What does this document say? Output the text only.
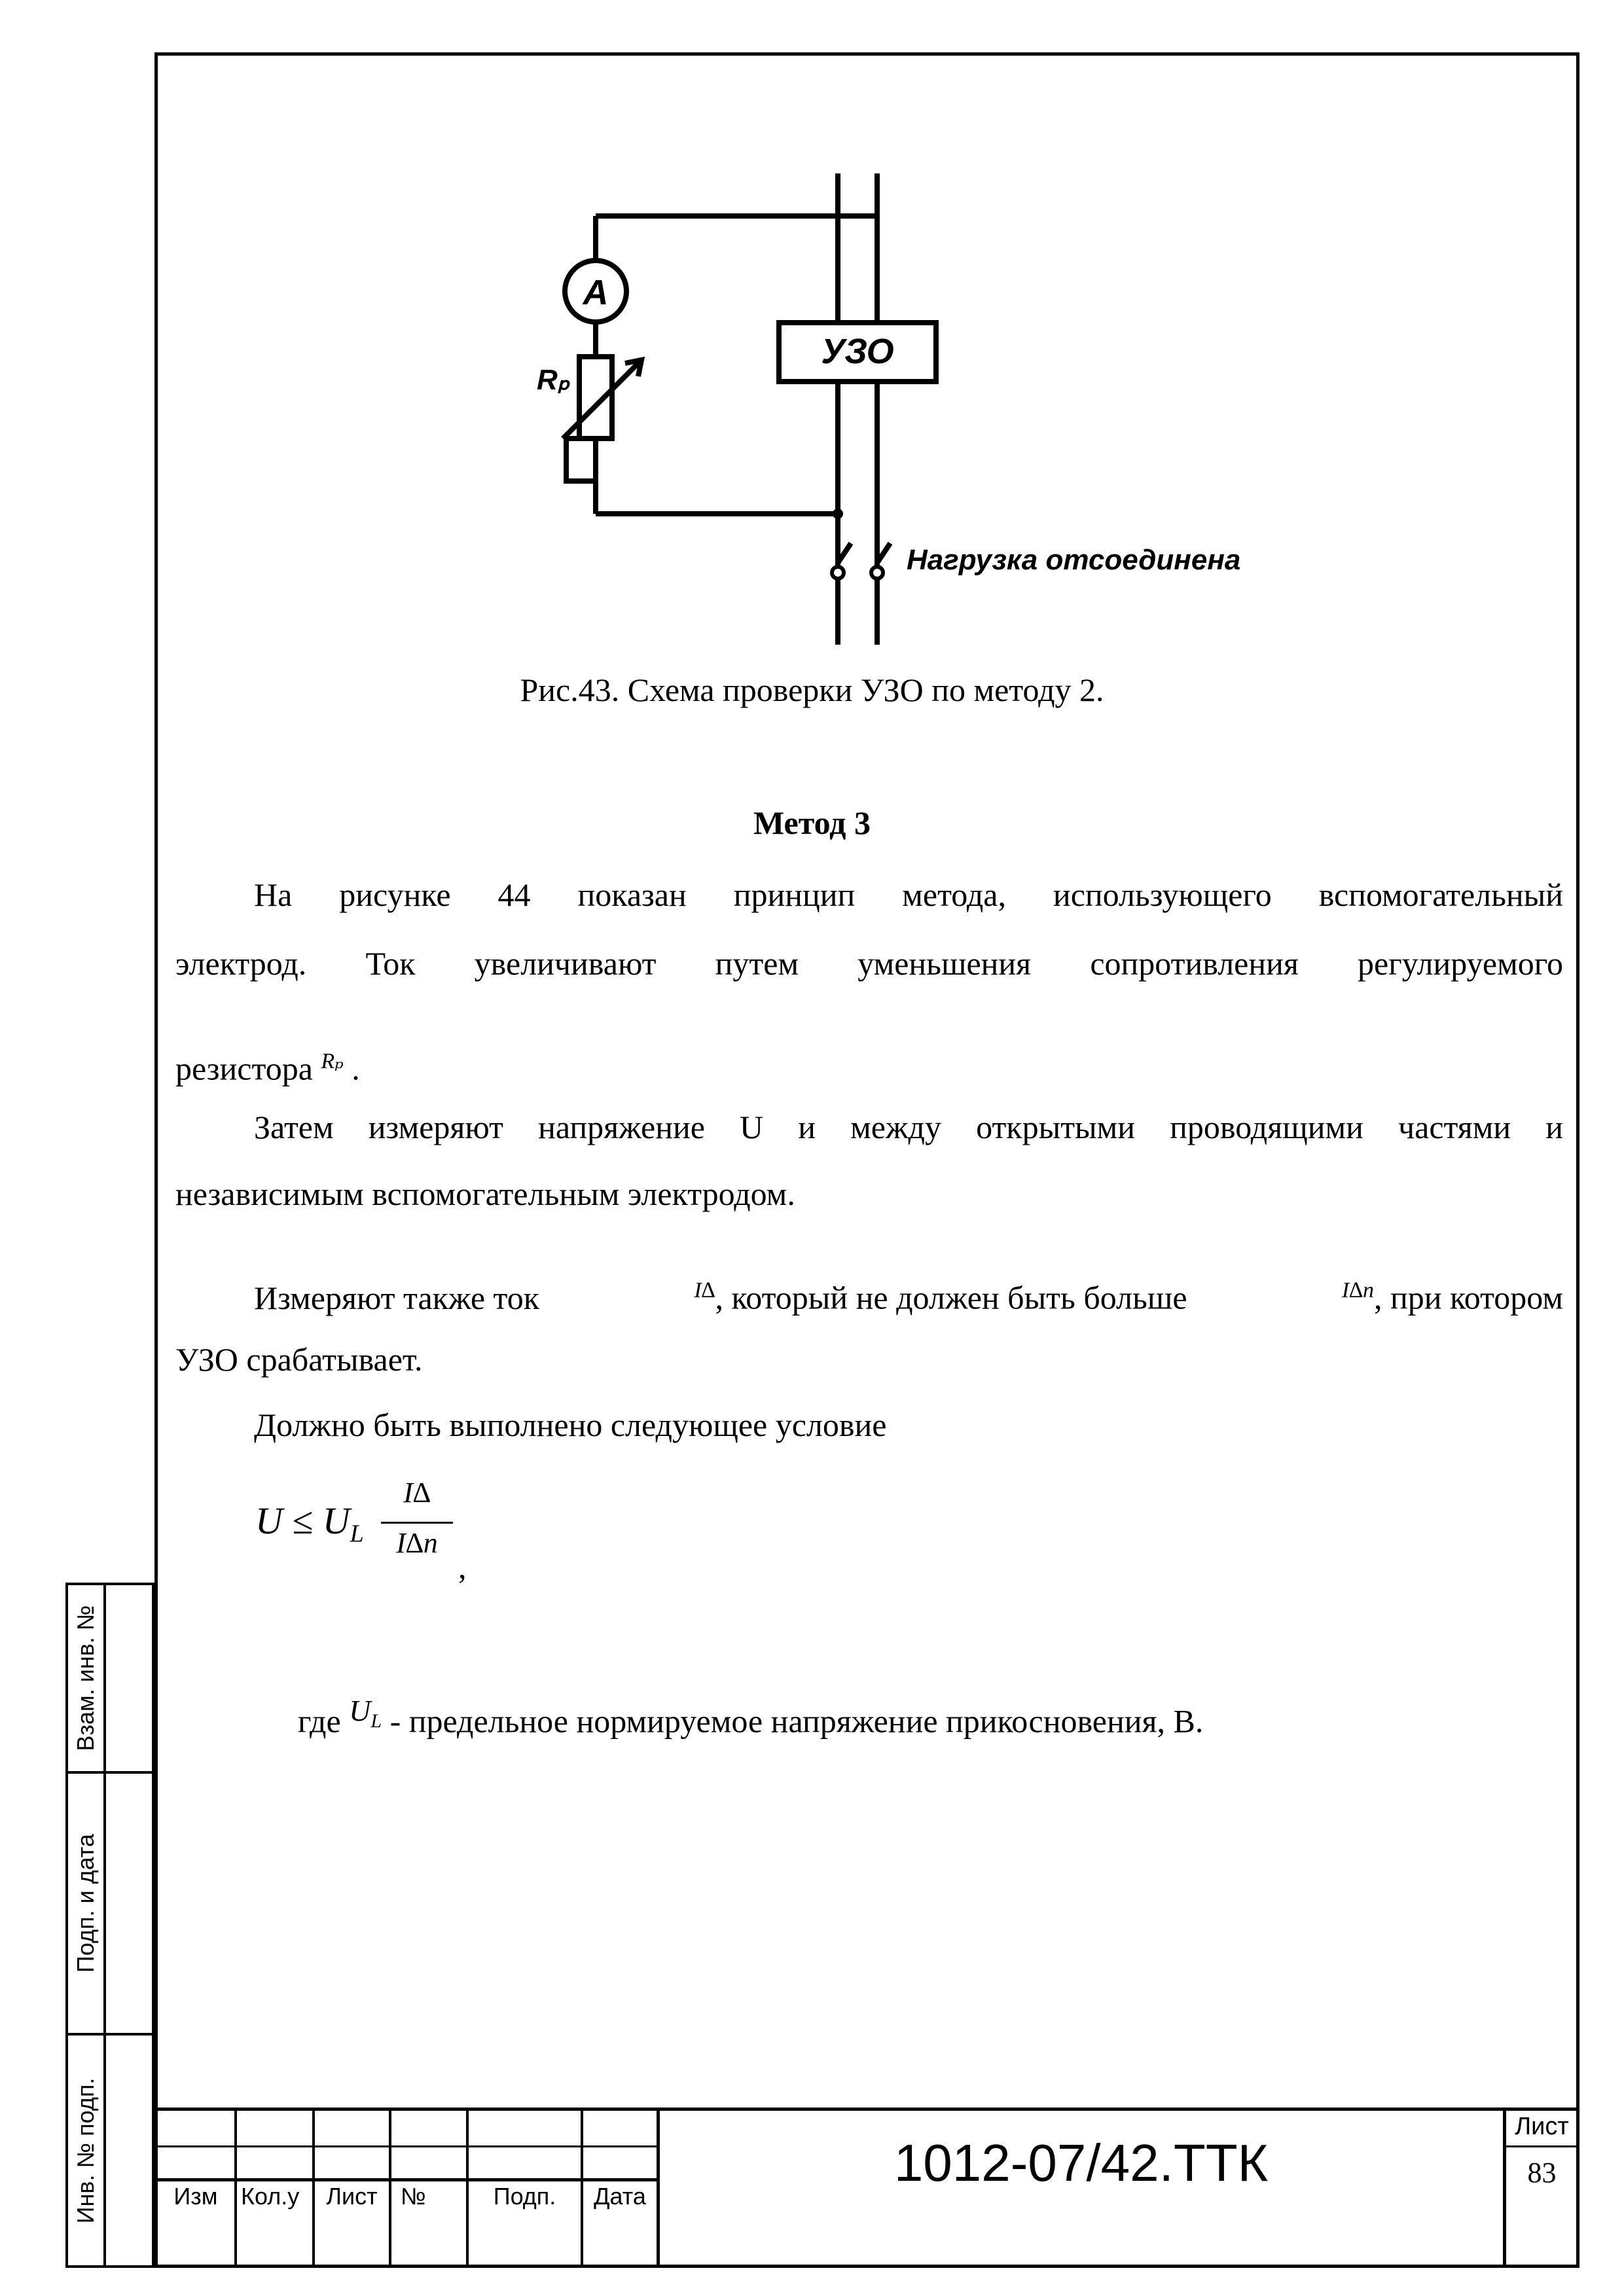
Взам. инв. №
Подп. и дата
Инв. № подп.
A
Rₚ
УЗО
Нагрузка отсоединена
Рис.43. Схема проверки УЗО по методу 2.
Метод 3

На рисунке 44 показан принцип метода, использующего вспомогательный

электрод. Ток увеличивают путем уменьшения сопротивления регулируемого

резистора $^{R_p}$ .

Затем измеряют напряжение U и между открытыми проводящими частями и

независимым вспомогательным электродом.

Измеряют также ток	$^{I\Delta}$, который не должен быть больше	$^{I\Delta n}$, при котором

УЗО срабатывает.

Должно быть выполнено следующее условие

$U \le U_L$
I∆
I∆n
,

где $U_L$ - предельное нормируемое напряжение прикосновения, В.

Изм Кол.у	Лист №	Подп.	Дата
1012-07/42.ТТК
Лист
83
